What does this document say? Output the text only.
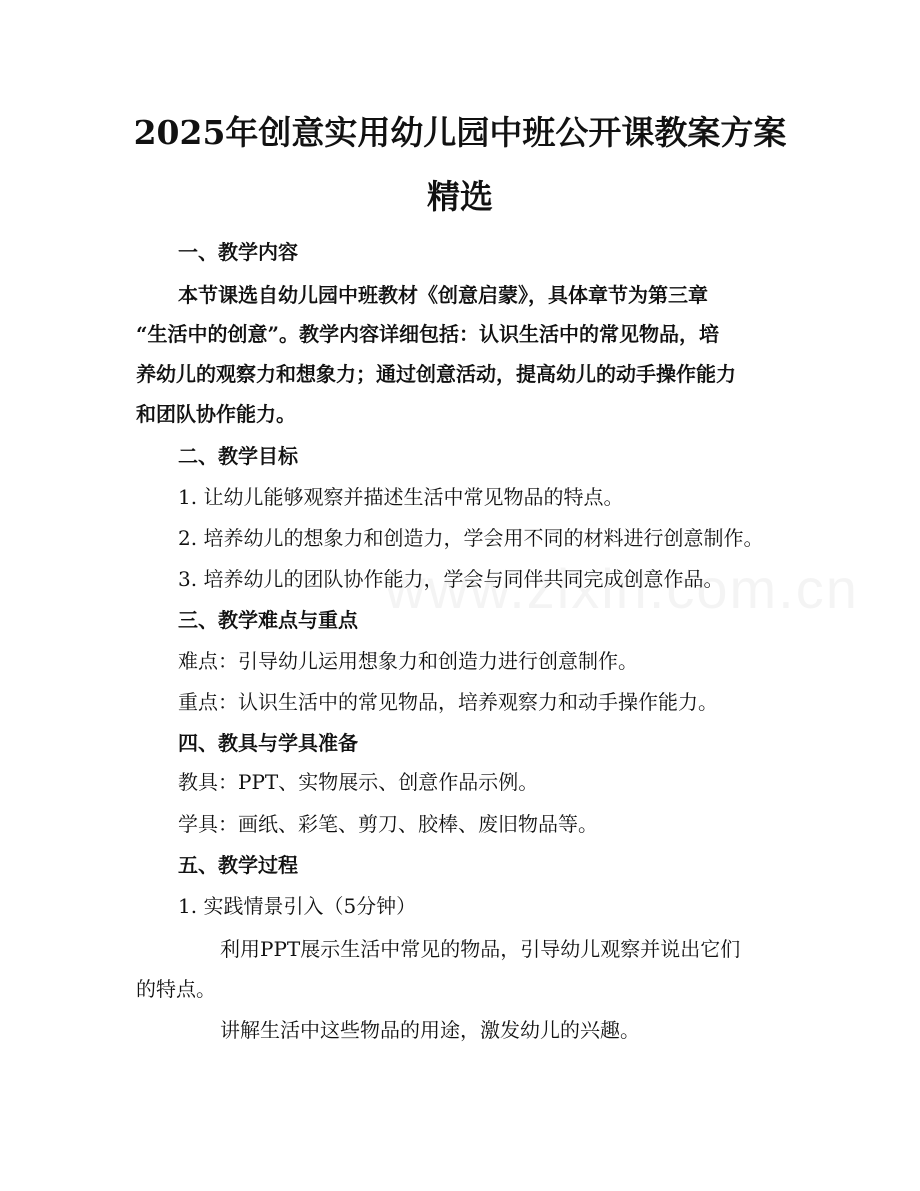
2025年创意实用幼儿园中班公开课教案方案
精选
一、教学内容
本节课选自幼儿园中班教材《创意启蒙》，具体章节为第三章
“生活中的创意”。教学内容详细包括：认识生活中的常见物品，培
养幼儿的观察力和想象力；通过创意活动，提高幼儿的动手操作能力
和团队协作能力。
二、教学目标
1. 让幼儿能够观察并描述生活中常见物品的特点。
2. 培养幼儿的想象力和创造力，学会用不同的材料进行创意制作。
3. 培养幼儿的团队协作能力，学会与同伴共同完成创意作品。
三、教学难点与重点
难点：引导幼儿运用想象力和创造力进行创意制作。
重点：认识生活中的常见物品，培养观察力和动手操作能力。
四、教具与学具准备
教具：PPT、实物展示、创意作品示例。
学具：画纸、彩笔、剪刀、胶棒、废旧物品等。
五、教学过程
1. 实践情景引入（5分钟）
利用PPT展示生活中常见的物品，引导幼儿观察并说出它们
的特点。
讲解生活中这些物品的用途，激发幼儿的兴趣。
